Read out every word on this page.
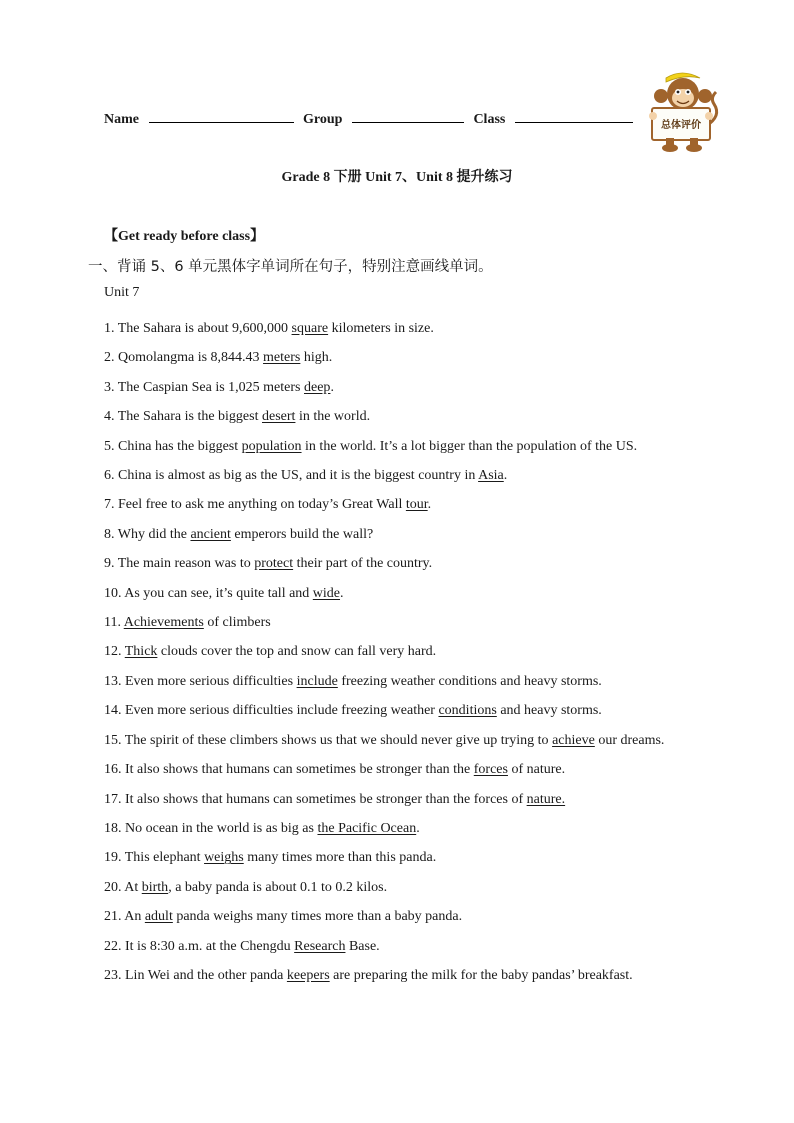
Name	Group	Class	总体评价
Grade 8 下册 Unit 7、Unit 8 提升练习
【Get ready before class】
一、背诵 5、6 单元黑体字单词所在句子，特别注意画线单词。
Unit 7
1. The Sahara is about 9,600,000 square kilometers in size.
2. Qomolangma is 8,844.43 meters high.
3. The Caspian Sea is 1,025 meters deep.
4. The Sahara is the biggest desert in the world.
5. China has the biggest population in the world. It’s a lot bigger than the population of the US.
6. China is almost as big as the US, and it is the biggest country in Asia.
7. Feel free to ask me anything on today’s Great Wall tour.
8. Why did the ancient emperors build the wall?
9. The main reason was to protect their part of the country.
10. As you can see, it’s quite tall and wide.
11. Achievements of climbers
12. Thick clouds cover the top and snow can fall very hard.
13. Even more serious difficulties include freezing weather conditions and heavy storms.
14. Even more serious difficulties include freezing weather conditions and heavy storms.
15. The spirit of these climbers shows us that we should never give up trying to achieve our dreams.
16. It also shows that humans can sometimes be stronger than the forces of nature.
17. It also shows that humans can sometimes be stronger than the forces of nature.
18. No ocean in the world is as big as the Pacific Ocean.
19. This elephant weighs many times more than this panda.
20. At birth, a baby panda is about 0.1 to 0.2 kilos.
21. An adult panda weighs many times more than a baby panda.
22. It is 8:30 a.m. at the Chengdu Research Base.
23. Lin Wei and the other panda keepers are preparing the milk for the baby pandas’ breakfast.
